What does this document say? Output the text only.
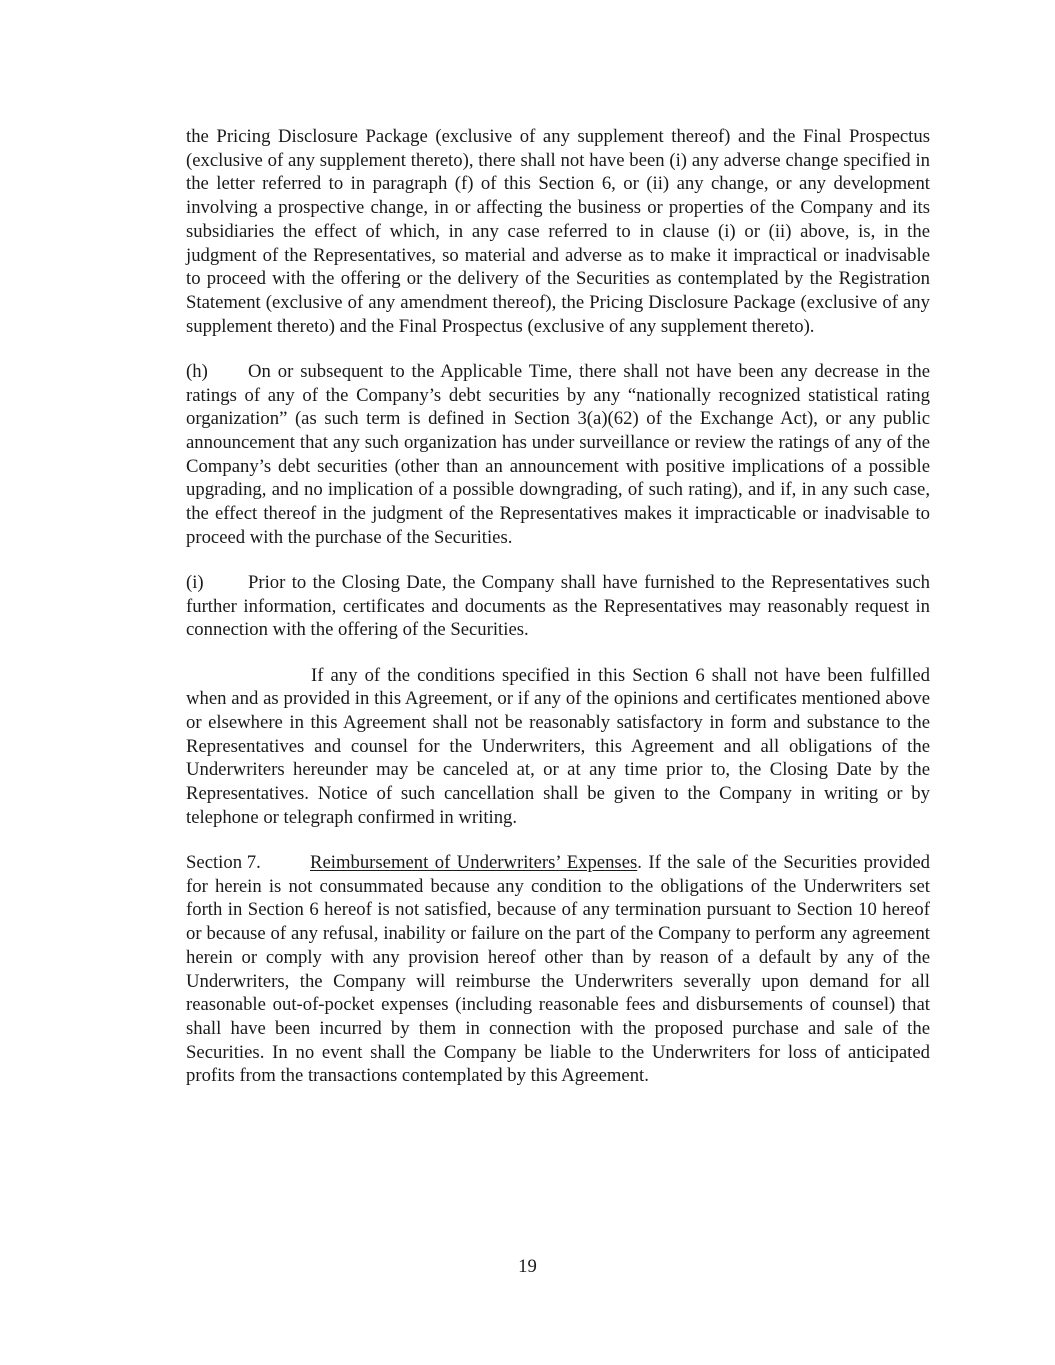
the Pricing Disclosure Package (exclusive of any supplement thereof) and the Final Prospectus (exclusive of any supplement thereto), there shall not have been (i) any adverse change specified in the letter referred to in paragraph (f) of this Section 6, or (ii) any change, or any development involving a prospective change, in or affecting the business or properties of the Company and its subsidiaries the effect of which, in any case referred to in clause (i) or (ii) above, is, in the judgment of the Representatives, so material and adverse as to make it impractical or inadvisable to proceed with the offering or the delivery of the Securities as contemplated by the Registration Statement (exclusive of any amendment thereof), the Pricing Disclosure Package (exclusive of any supplement thereto) and the Final Prospectus (exclusive of any supplement thereto).

(h) On or subsequent to the Applicable Time, there shall not have been any decrease in the ratings of any of the Company’s debt securities by any “nationally recognized statistical rating organization” (as such term is defined in Section 3(a)(62) of the Exchange Act), or any public announcement that any such organization has under surveillance or review the ratings of any of the Company’s debt securities (other than an announcement with positive implications of a possible upgrading, and no implication of a possible downgrading, of such rating), and if, in any such case, the effect thereof in the judgment of the Representatives makes it impracticable or inadvisable to proceed with the purchase of the Securities.

(i) Prior to the Closing Date, the Company shall have furnished to the Representatives such further information, certificates and documents as the Representatives may reasonably request in connection with the offering of the Securities.

If any of the conditions specified in this Section 6 shall not have been fulfilled when and as provided in this Agreement, or if any of the opinions and certificates mentioned above or elsewhere in this Agreement shall not be reasonably satisfactory in form and substance to the Representatives and counsel for the Underwriters, this Agreement and all obligations of the Underwriters hereunder may be canceled at, or at any time prior to, the Closing Date by the Representatives. Notice of such cancellation shall be given to the Company in writing or by telephone or telegraph confirmed in writing.

Section 7.	Reimbursement of Underwriters’ Expenses. If the sale of the Securities provided for herein is not consummated because any condition to the obligations of the Underwriters set forth in Section 6 hereof is not satisfied, because of any termination pursuant to Section 10 hereof or because of any refusal, inability or failure on the part of the Company to perform any agreement herein or comply with any provision hereof other than by reason of a default by any of the Underwriters, the Company will reimburse the Underwriters severally upon demand for all reasonable out-of-pocket expenses (including reasonable fees and disbursements of counsel) that shall have been incurred by them in connection with the proposed purchase and sale of the Securities. In no event shall the Company be liable to the Underwriters for loss of anticipated profits from the transactions contemplated by this Agreement.

19
